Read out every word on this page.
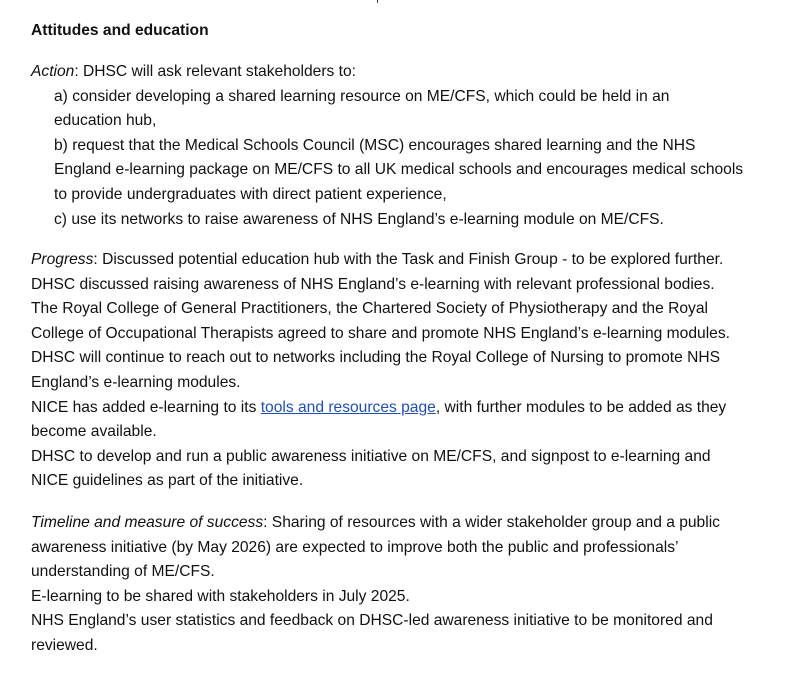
Attitudes and education
Action: DHSC will ask relevant stakeholders to:
a) consider developing a shared learning resource on ME/CFS, which could be held in an
education hub,
b) request that the Medical Schools Council (MSC) encourages shared learning and the NHS
England e-learning package on ME/CFS to all UK medical schools and encourages medical schools
to provide undergraduates with direct patient experience,
c) use its networks to raise awareness of NHS England’s e-learning module on ME/CFS.
Progress: Discussed potential education hub with the Task and Finish Group - to be explored further.
DHSC discussed raising awareness of NHS England’s e-learning with relevant professional bodies.
The Royal College of General Practitioners, the Chartered Society of Physiotherapy and the Royal
College of Occupational Therapists agreed to share and promote NHS England’s e-learning modules.
DHSC will continue to reach out to networks including the Royal College of Nursing to promote NHS
England’s e-learning modules.
NICE has added e-learning to its tools and resources page, with further modules to be added as they
become available.
DHSC to develop and run a public awareness initiative on ME/CFS, and signpost to e-learning and
NICE guidelines as part of the initiative.
Timeline and measure of success: Sharing of resources with a wider stakeholder group and a public
awareness initiative (by May 2026) are expected to improve both the public and professionals’
understanding of ME/CFS.
E-learning to be shared with stakeholders in July 2025.
NHS England’s user statistics and feedback on DHSC-led awareness initiative to be monitored and
reviewed.
